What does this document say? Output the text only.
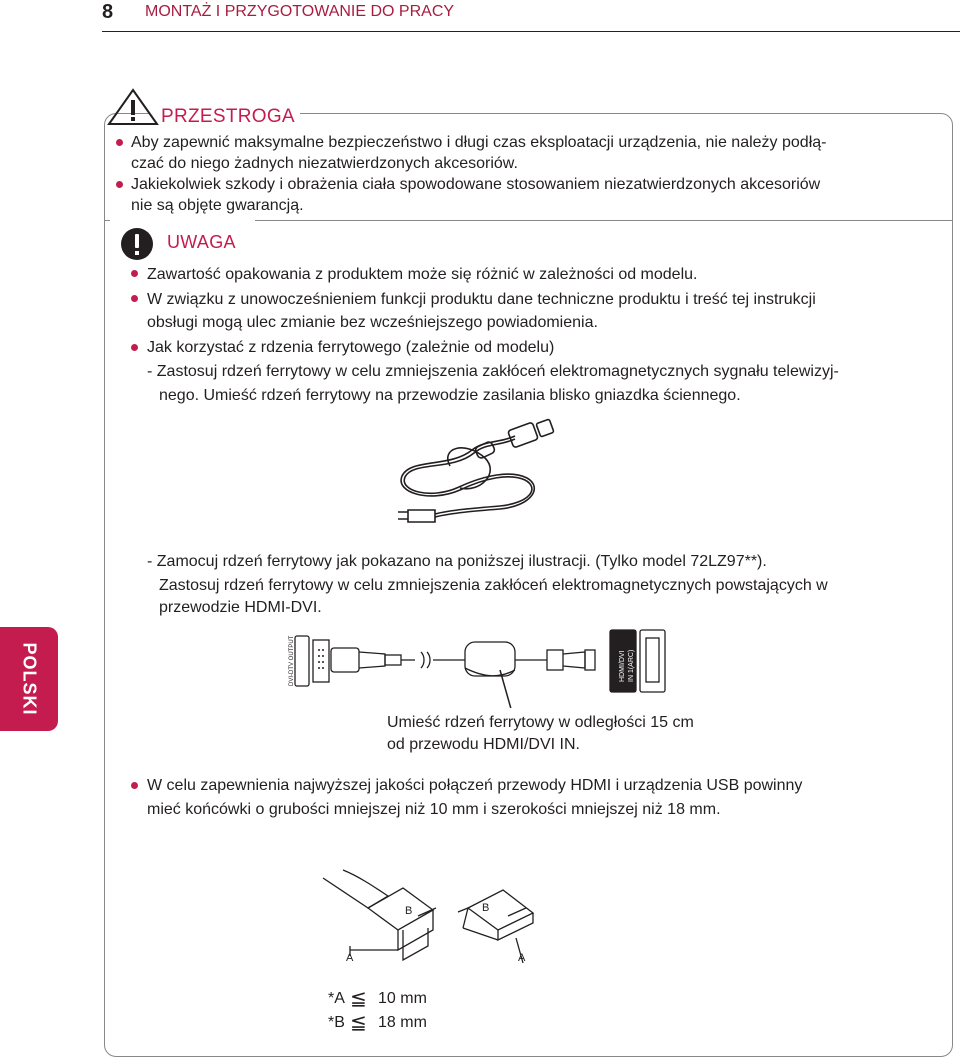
8 MONTAŻ I PRZYGOTOWANIE DO PRACY
PRZESTROGA
Aby zapewnić maksymalne bezpieczeństwo i długi czas eksploatacji urządzenia, nie należy podłą-
czać do niego żadnych niezatwierdzonych akcesoriów.
Jakiekolwiek szkody i obrażenia ciała spowodowane stosowaniem niezatwierdzonych akcesoriów
nie są objęte gwarancją.
UWAGA
Zawartość opakowania z produktem może się różnić w zależności od modelu.
W związku z unowocześnieniem funkcji produktu dane techniczne produktu i treść tej instrukcji
obsługi mogą ulec zmianie bez wcześniejszego powiadomienia.
Jak korzystać z rdzenia ferrytowego (zależnie od modelu)
- Zastosuj rdzeń ferrytowy w celu zmniejszenia zakłóceń elektromagnetycznych sygnału telewizyj-
nego. Umieść rdzeń ferrytowy na przewodzie zasilania blisko gniazdka ściennego.
- Zamocuj rdzeń ferrytowy jak pokazano na poniższej ilustracji. (Tylko model 72LZ97**).
Zastosuj rdzeń ferrytowy w celu zmniejszenia zakłóceń elektromagnetycznych powstających w
przewodzie HDMI-DVI.
POLSKI	DVI-DTV OUTPUT	HDMI/DVI IN 1(ARC)
Umieść rdzeń ferrytowy w odległości 15 cm
od przewodu HDMI/DVI IN.
W celu zapewnienia najwyższej jakości połączeń przewody HDMI i urządzenia USB powinny
mieć końcówki o grubości mniejszej niż 10 mm i szerokości mniejszej niż 18 mm.
A
B	B
A
*A ≦ 10 mm
*B ≦ 18 mm
